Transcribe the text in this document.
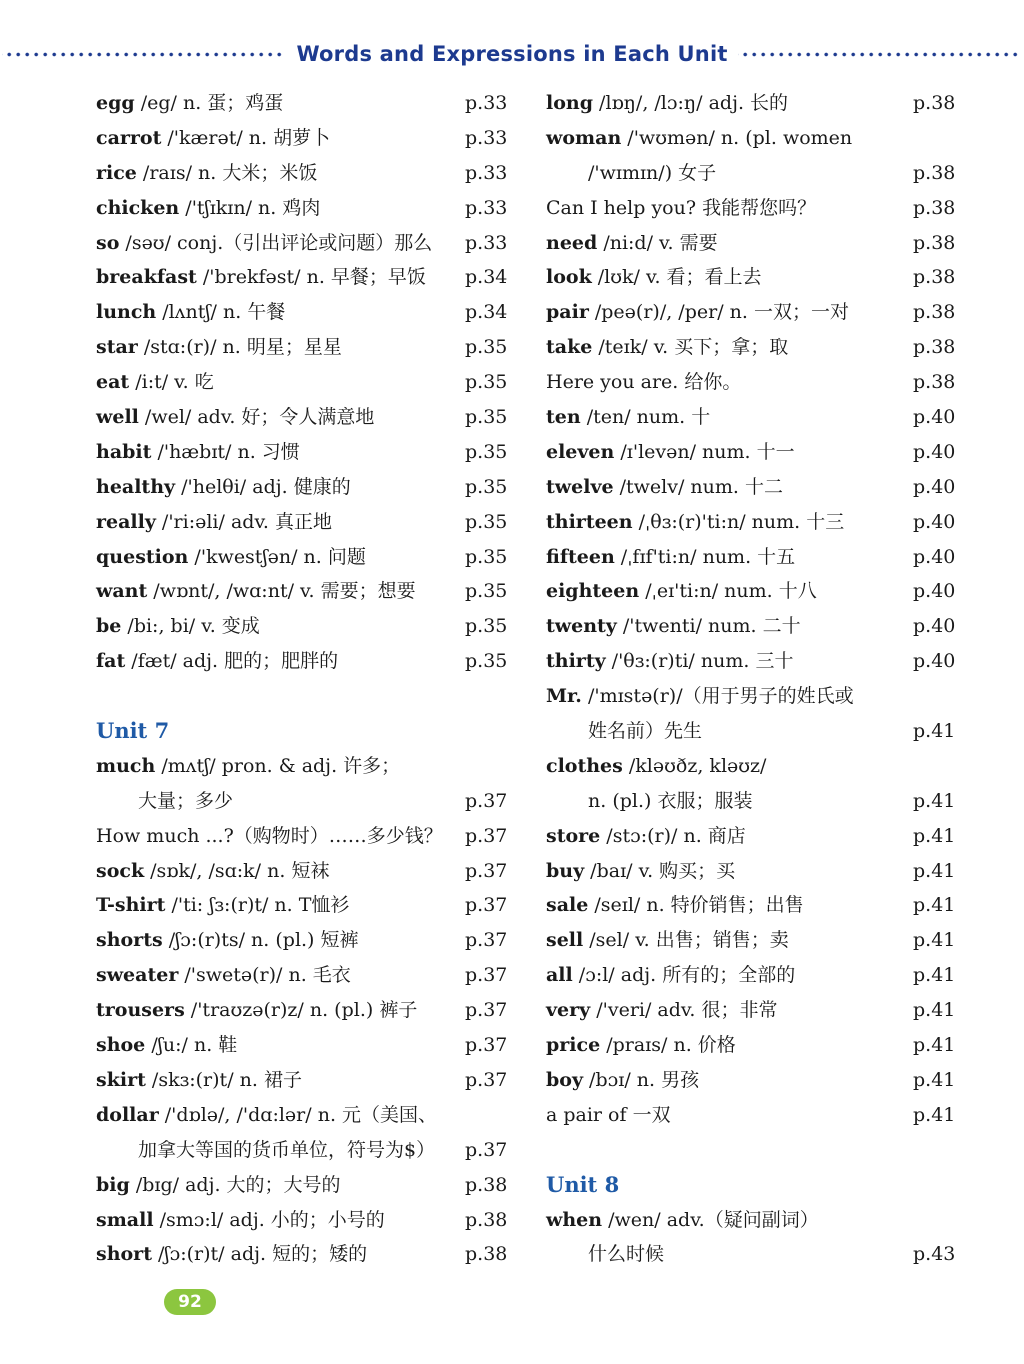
Words and Expressions in Each Unit
egg /eg/ n. 蛋；鸡蛋	p.33
carrot /'kærət/ n. 胡萝卜	p.33
rice /raɪs/ n. 大米；米饭	p.33
chicken /'tʃɪkɪn/ n. 鸡肉	p.33
so /səʊ/ conj.（引出评论或问题）那么 p.33
breakfast /'brekfəst/ n. 早餐；早饭 p.34
lunch /lʌntʃ/ n. 午餐	p.34
star /stɑ:(r)/ n. 明星；星星	p.35
eat /i:t/ v. 吃	p.35
well /wel/ adv. 好；令人满意地	p.35
habit /'hæbɪt/ n. 习惯	p.35
healthy /'helθi/ adj. 健康的	p.35
really /'ri:əli/ adv. 真正地	p.35
question /'kwestʃən/ n. 问题	p.35
want /wɒnt/, /wɑ:nt/ v. 需要；想要	p.35
be /bi:, bi/ v. 变成	p.35
fat /fæt/ adj. 肥的；肥胖的	p.35
Unit 7
much /mʌtʃ/ pron. & adj. 许多；
大量；多少	p.37
How much ...?（购物时）……多少钱？ p.37
sock /sɒk/, /sɑ:k/ n. 短袜	p.37
T-shirt /'ti: ʃɜ:(r)t/ n. T恤衫	p.37
shorts /ʃɔ:(r)ts/ n. (pl.) 短裤	p.37
sweater /'swetə(r)/ n. 毛衣	p.37
trousers /'traʊzə(r)z/ n. (pl.) 裤子	p.37
shoe /ʃu:/ n. 鞋	p.37
skirt /skɜ:(r)t/ n. 裙子	p.37
dollar /'dɒlə/, /'dɑ:lər/ n. 元（美国、
加拿大等国的货币单位，符号为$） p.37
big /bɪg/ adj. 大的；大号的	p.38
small /smɔ:l/ adj. 小的；小号的	p.38
short /ʃɔ:(r)t/ adj. 短的；矮的	p.38
long /lɒŋ/, /lɔ:ŋ/ adj. 长的	p.38
woman /'wʊmən/ n. (pl. women
/'wɪmɪn/) 女子	p.38
Can I help you? 我能帮您吗？	p.38
need /ni:d/ v. 需要	p.38
look /lʊk/ v. 看；看上去	p.38
pair /peə(r)/, /per/ n. 一双；一对	p.38
take /teɪk/ v. 买下；拿；取	p.38
Here you are. 给你。	p.38
ten /ten/ num. 十	p.40
eleven /ɪ'levən/ num. 十一	p.40
twelve /twelv/ num. 十二	p.40
thirteen /ˌθɜ:(r)'ti:n/ num. 十三	p.40
fifteen /ˌfɪf'ti:n/ num. 十五	p.40
eighteen /ˌeɪ'ti:n/ num. 十八	p.40
twenty /'twenti/ num. 二十	p.40
thirty /'θɜ:(r)ti/ num. 三十	p.40
Mr. /'mɪstə(r)/（用于男子的姓氏或
姓名前）先生	p.41
clothes /kləʊðz, kləʊz/
n. (pl.) 衣服；服装	p.41
store /stɔ:(r)/ n. 商店	p.41
buy /baɪ/ v. 购买；买	p.41
sale /seɪl/ n. 特价销售；出售	p.41
sell /sel/ v. 出售；销售；卖	p.41
all /ɔ:l/ adj. 所有的；全部的	p.41
very /'veri/ adv. 很；非常	p.41
price /praɪs/ n. 价格	p.41
boy /bɔɪ/ n. 男孩	p.41
a pair of 一双	p.41
Unit 8
when /wen/ adv.（疑问副词）
什么时候	p.43
92
